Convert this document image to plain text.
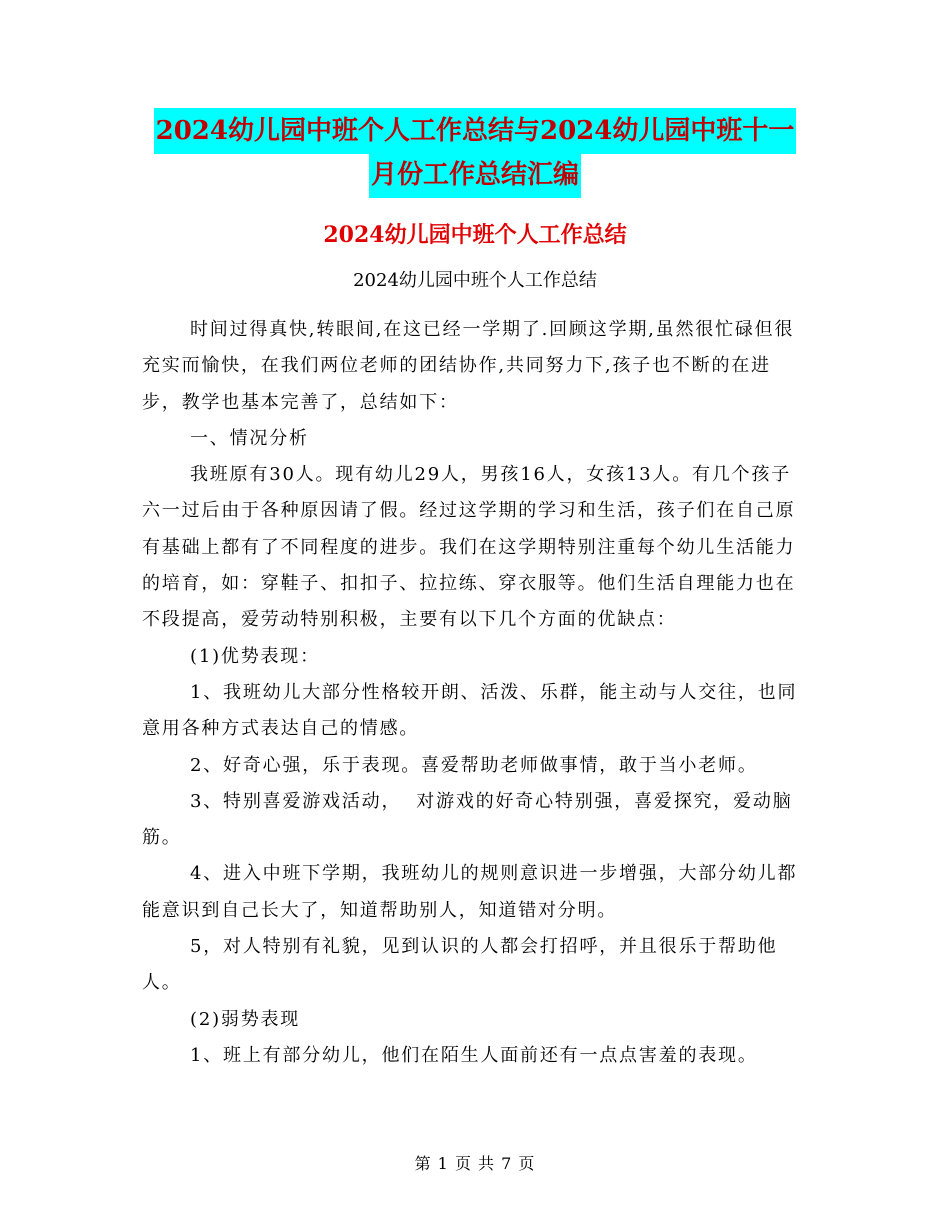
2024幼儿园中班个人工作总结与2024幼儿园中班十一
月份工作总结汇编
2024幼儿园中班个人工作总结
2024幼儿园中班个人工作总结

时间过得真快,转眼间,在这已经一学期了.回顾这学期,虽然很忙碌但很充实而愉快，在我们两位老师的团结协作,共同努力下,孩子也不断的在进步，教学也基本完善了，总结如下：

一、情况分析

我班原有30人。现有幼儿29人，男孩16人，女孩13人。有几个孩子六一过后由于各种原因请了假。经过这学期的学习和生活，孩子们在自己原有基础上都有了不同程度的进步。我们在这学期特别注重每个幼儿生活能力的培育，如：穿鞋子、扣扣子、拉拉练、穿衣服等。他们生活自理能力也在不段提高，爱劳动特别积极，主要有以下几个方面的优缺点：

(1)优势表现：

1、我班幼儿大部分性格较开朗、活泼、乐群，能主动与人交往，也同意用各种方式表达自己的情感。

2、好奇心强，乐于表现。喜爱帮助老师做事情，敢于当小老师。

3、特别喜爱游戏活动，  对游戏的好奇心特别强，喜爱探究，爱动脑筋。

4、进入中班下学期，我班幼儿的规则意识进一步增强，大部分幼儿都能意识到自己长大了，知道帮助别人，知道错对分明。

5，对人特别有礼貌，见到认识的人都会打招呼，并且很乐于帮助他人。

(2)弱势表现

1、班上有部分幼儿，他们在陌生人面前还有一点点害羞的表现。

第 1 页 共 7 页
